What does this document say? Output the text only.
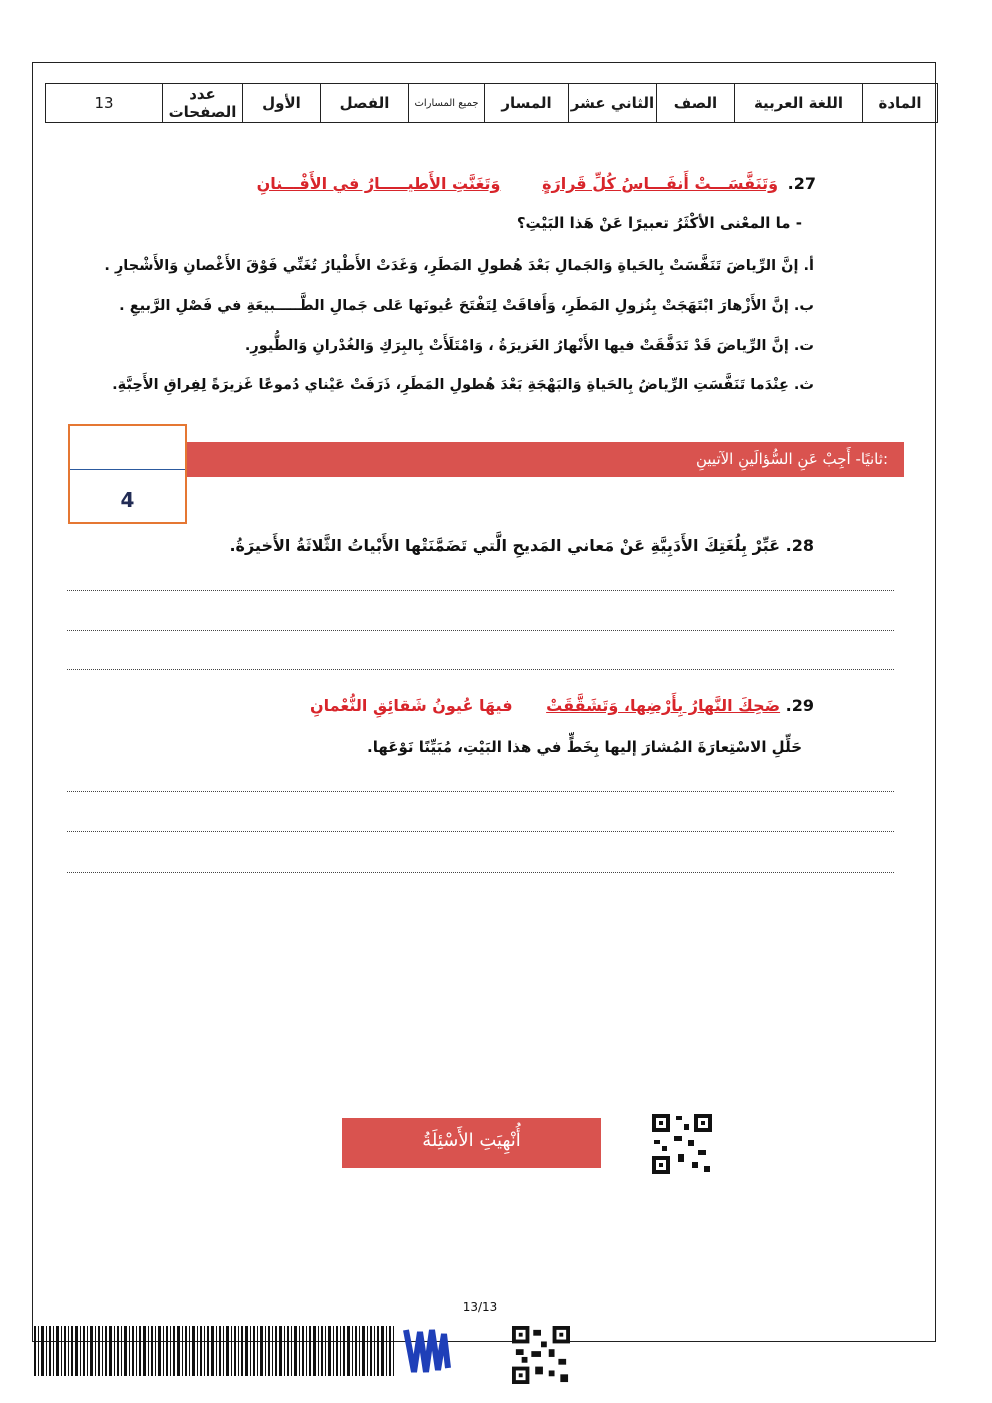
المادة	اللغة العربية	الصف	الثاني عشر	المسار	جميع المسارات	الفصل	الأول	عدد الصفحات	13
27. وَتَنَفَّسَـــتْ أَنفَـــاسُ كُلِّ قَرارَةٍ وَتَغَنَّتِ الأَطيـــــارُ في الأَفْـــنانِ
- ما المعْنى الأكْثَرُ تعبيرًا عَنْ هَذا البَيْتِ؟
أ. إنَّ الرِّياضَ تَنَفَّسَتْ بِالحَياةِ وَالجَمالِ بَعْدَ هُطولِ المَطَرِ، وَغَدَتْ الأَطْيارُ تُغَنِّي فَوْقَ الأَغْصانِ وَالأَشْجارِ .
ب. إنَّ الأَزْهارَ ابْتَهَجَتْ بِنُزولِ المَطَرِ، وَأَفاقَتْ لِتَفْتَحَ عُيونَها عَلى جَمالِ الطَّـــــبيعَةِ في فَصْلِ الرَّبيعِ .
ت. إنَّ الرِّياضَ قَدْ تَدَفَّقَتْ فيها الأَنْهارُ الغَزيرَةُ ، وَامْتَلَأَتْ بِالبِرَكِ وَالغُدْرانِ وَالطُّيورِ.
ث. عِنْدَما تَنَفَّسَتِ الرِّياضُ بِالحَياةِ وَالبَهْجَةِ بَعْدَ هُطولِ المَطَرِ، ذَرَفَتْ عَيْناي دُموعًا غَزيرَةً لِفِراقِ الأَحِبَّةِ.
ثانيًا- أَجِبْ عَنِ السُّؤالَينِ الآتيينِ:
4
28. عَبِّرْ بِلُغَتِكَ الأَدَبِيَّةِ عَنْ مَعاني المَديحِ الَّتي تَضَمَّنَتْها الأَبْياتُ الثَّلاثَةُ الأَخيرَةُ.
29. ضَحِكَ النَّهارُ بِأَرْضِها، وَتَشَقَّقَتْ فيهَا عُيونُ شَقائِقِ النُّعْمانِ
حَلِّلِ الاسْتِعارَةَ المُشارَ إليها بِخَطٍّ في هذا البَيْتِ، مُبَيِّنًا نَوْعَها.
أُنْهِيَتِ الأَسْئِلَةُ
13/13
